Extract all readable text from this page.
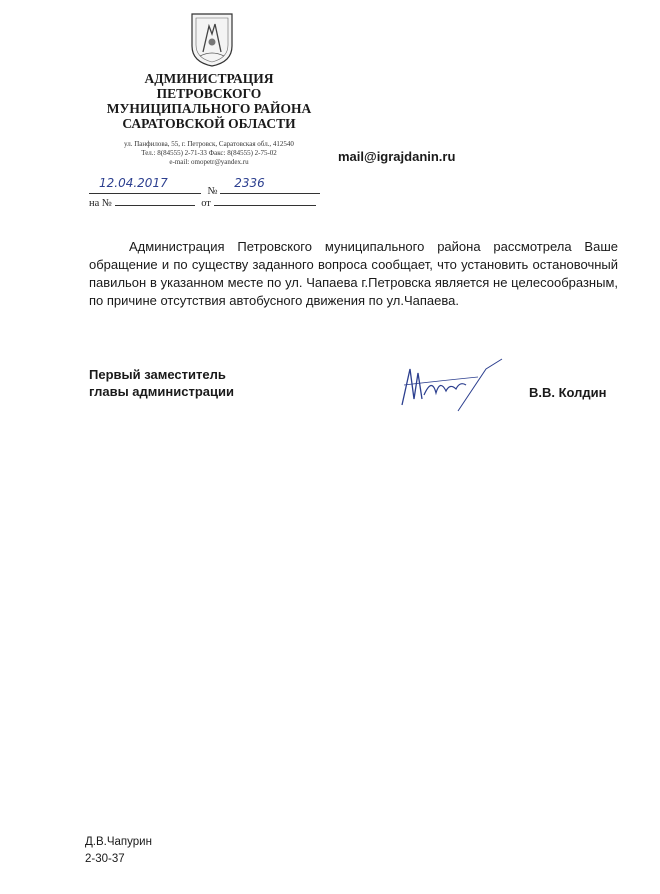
АДМИНИСТРАЦИЯ
ПЕТРОВСКОГО
МУНИЦИПАЛЬНОГО РАЙОНА
САРАТОВСКОЙ ОБЛАСТИ
ул. Панфилова, 55, г. Петровск, Саратовская обл., 412540
Тел.: 8(84555) 2-71-33 Факс: 8(84555) 2-75-02
e-mail: omopetr@yandex.ru	mail@igrajdanin.ru
12.04.2017
№
2336
на №	от

Администрация Петровского муниципального района рассмотрела Ваше обращение и по существу заданного вопроса сообщает, что установить остановочный павильон в указанном месте по ул. Чапаева г.Петровска является не целесообразным, по причине отсутствия автобусного движения по ул.Чапаева.

Первый заместитель
главы администрации	В.В. Колдин
Д.В.Чапурин
2-30-37
